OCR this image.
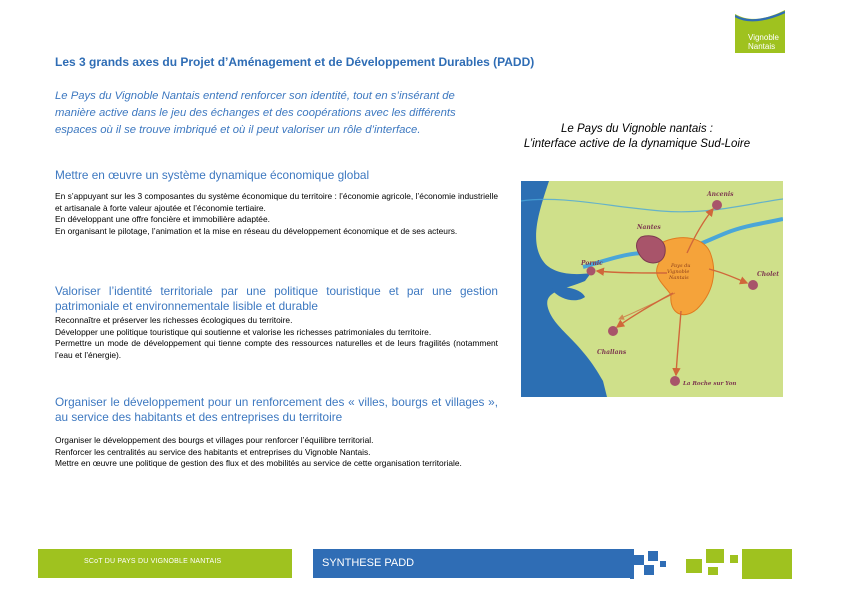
Vignoble
Nantais
Les 3 grands axes du Projet d’Aménagement et de Développement Durables (PADD)
Le Pays du Vignoble Nantais entend renforcer son identité, tout en s’insérant de manière active dans le jeu des échanges et des coopérations avec les différents espaces où il se trouve imbriqué et où il peut valoriser un rôle d’interface.	Le Pays du Vignoble nantais :
L’interface active de la dynamique Sud-Loire
Mettre en œuvre un système dynamique économique global

En s’appuyant sur les 3 composantes du système économique du territoire : l’économie agricole, l’économie industrielle et artisanale à forte valeur ajoutée et l’économie tertiaire.

En développant une offre foncière et immobilière adaptée.

En organisant le pilotage, l’animation et la mise en réseau du développement économique et de ses acteurs.

Valoriser l’identité territoriale par une politique touristique et par une gestion patrimoniale et environnementale lisible et durable

Reconnaître et préserver les richesses écologiques du territoire.

Développer une politique touristique qui soutienne et valorise les richesses patrimoniales du territoire.

Permettre un mode de développement qui tienne compte des ressources naturelles et de leurs fragilités (notamment l’eau et l’énergie).

Organiser le développement pour un renforcement des « villes, bourgs et villages », au service des habitants et des entreprises du territoire

Organiser le développement des bourgs et villages pour renforcer l’équilibre territorial.

Renforcer les centralités au service des habitants et entreprises du Vignoble Nantais.

Mettre en œuvre une politique de gestion des flux et des mobilités au service de cette organisation territoriale.

Ancenis
Nantes
Pays du Vignoble Nantais
Pornic
Cholet
Challans
La Roche sur Yon
SCoT DU PAYS DU VIGNOBLE NANTAIS	SYNTHESE PADD
